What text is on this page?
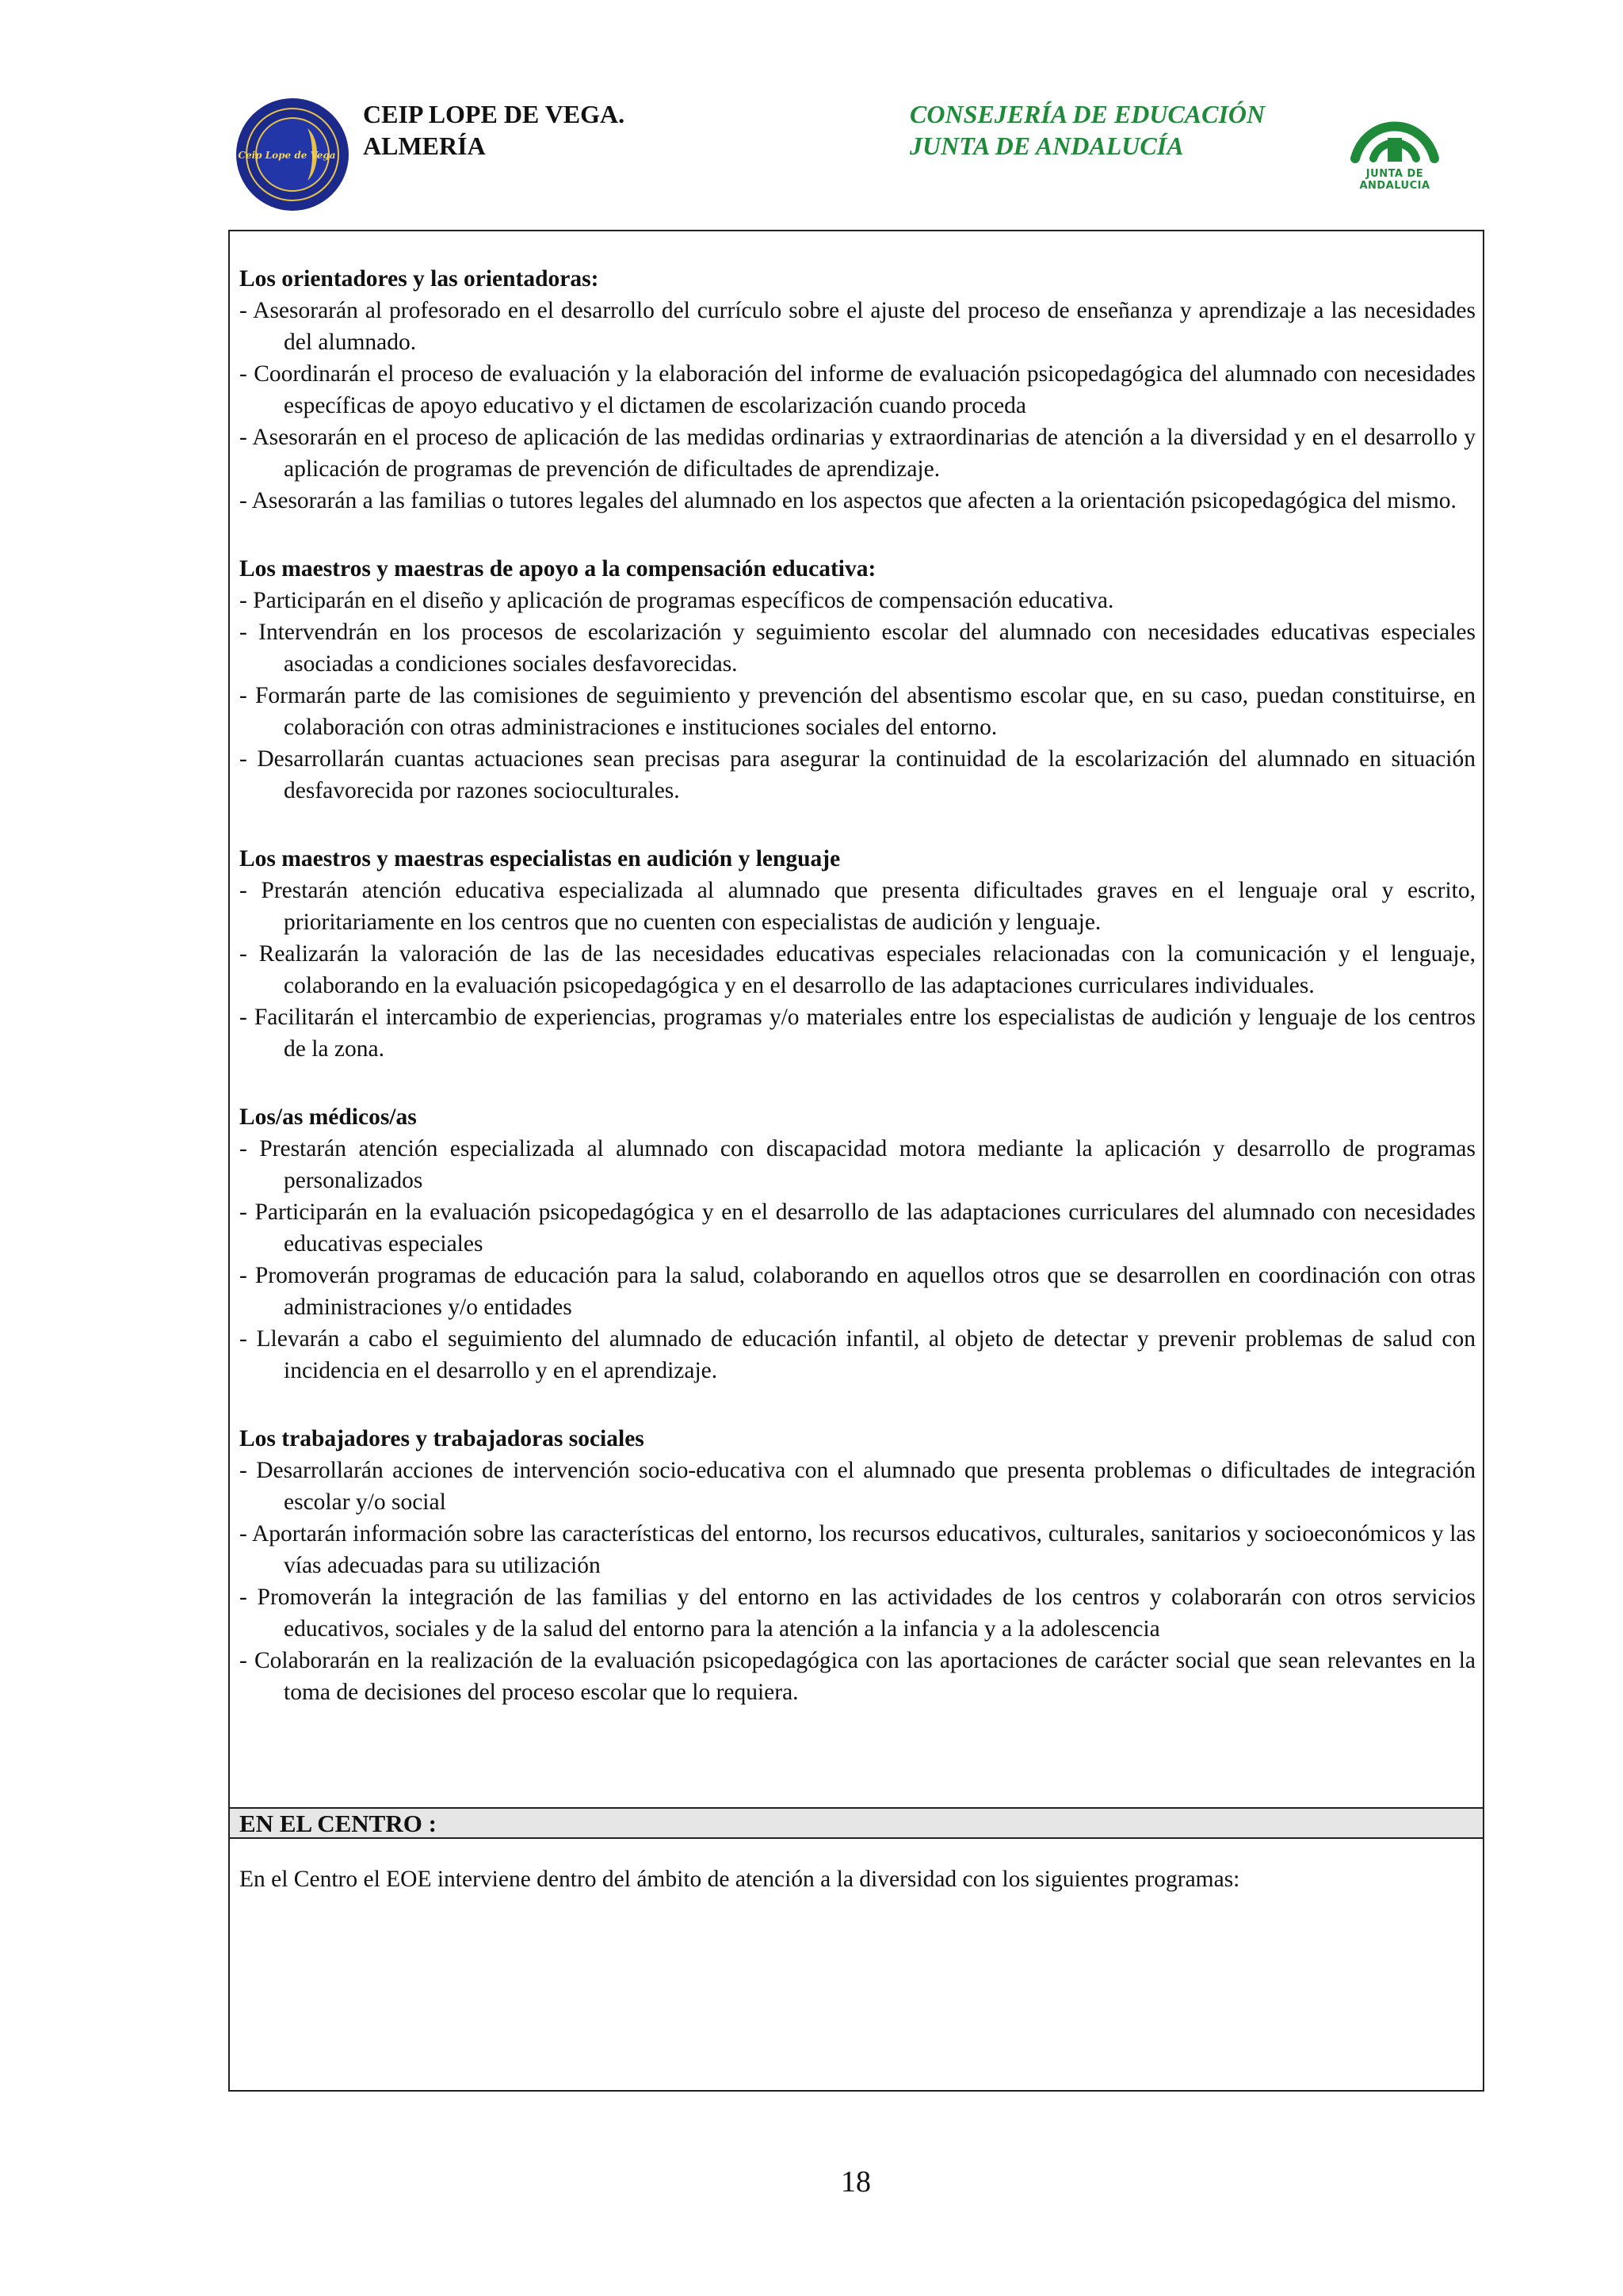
Ceip Lope de Vega
CEIP LOPE DE VEGA.
ALMERÍA
CONSEJERÍA DE EDUCACIÓN
JUNTA DE ANDALUCÍA
JUNTA DE ANDALUCIA
Los orientadores y las orientadoras:
- Asesorarán al profesorado en el desarrollo del currículo sobre el ajuste del proceso de enseñanza y aprendizaje a las necesidades del alumnado.
- Coordinarán el proceso de evaluación y la elaboración del informe de evaluación psicopedagógica del alumnado con necesidades específicas de apoyo educativo y el dictamen de escolarización cuando proceda
- Asesorarán en el proceso de aplicación de las medidas ordinarias y extraordinarias de atención a la diversidad y en el desarrollo y aplicación de programas de prevención de dificultades de aprendizaje.
- Asesorarán a las familias o tutores legales del alumnado en los aspectos que afecten a la orientación psicopedagógica del mismo.
Los maestros y maestras de apoyo a la compensación educativa:
- Participarán en el diseño y aplicación de programas específicos de compensación educativa.
- Intervendrán en los procesos de escolarización y seguimiento escolar del alumnado con necesidades educativas especiales asociadas a condiciones sociales desfavorecidas.
- Formarán parte de las comisiones de seguimiento y prevención del absentismo escolar que, en su caso, puedan constituirse, en colaboración con otras administraciones e instituciones sociales del entorno.
- Desarrollarán cuantas actuaciones sean precisas para asegurar la continuidad de la escolarización del alumnado en situación desfavorecida por razones socioculturales.
Los maestros y maestras especialistas en audición y lenguaje
- Prestarán atención educativa especializada al alumnado que presenta dificultades graves en el lenguaje oral y escrito, prioritariamente en los centros que no cuenten con especialistas de audición y lenguaje.
- Realizarán la valoración de las de las necesidades educativas especiales relacionadas con la comunicación y el lenguaje, colaborando en la evaluación psicopedagógica y en el desarrollo de las adaptaciones curriculares individuales.
- Facilitarán el intercambio de experiencias, programas y/o materiales entre los especialistas de audición y lenguaje de los centros de la zona.
Los/as médicos/as
- Prestarán atención especializada al alumnado con discapacidad motora mediante la aplicación y desarrollo de programas personalizados
- Participarán en la evaluación psicopedagógica y en el desarrollo de las adaptaciones curriculares del alumnado con necesidades educativas especiales
- Promoverán programas de educación para la salud, colaborando en aquellos otros que se desarrollen en coordinación con otras administraciones y/o entidades
- Llevarán a cabo el seguimiento del alumnado de educación infantil, al objeto de detectar y prevenir problemas de salud con incidencia en el desarrollo y en el aprendizaje.
Los trabajadores y trabajadoras sociales
- Desarrollarán acciones de intervención socio-educativa con el alumnado que presenta problemas o dificultades de integración escolar y/o social
- Aportarán información sobre las características del entorno, los recursos educativos, culturales, sanitarios y socioeconómicos y las vías adecuadas para su utilización
- Promoverán la integración de las familias y del entorno en las actividades de los centros y colaborarán con otros servicios educativos, sociales y de la salud del entorno para la atención a la infancia y a la adolescencia
- Colaborarán en la realización de la evaluación psicopedagógica con las aportaciones de carácter social que sean relevantes en la toma de decisiones del proceso escolar que lo requiera.
EN EL CENTRO :
En el Centro el EOE interviene dentro del ámbito de atención a la diversidad con los siguientes programas:
18
